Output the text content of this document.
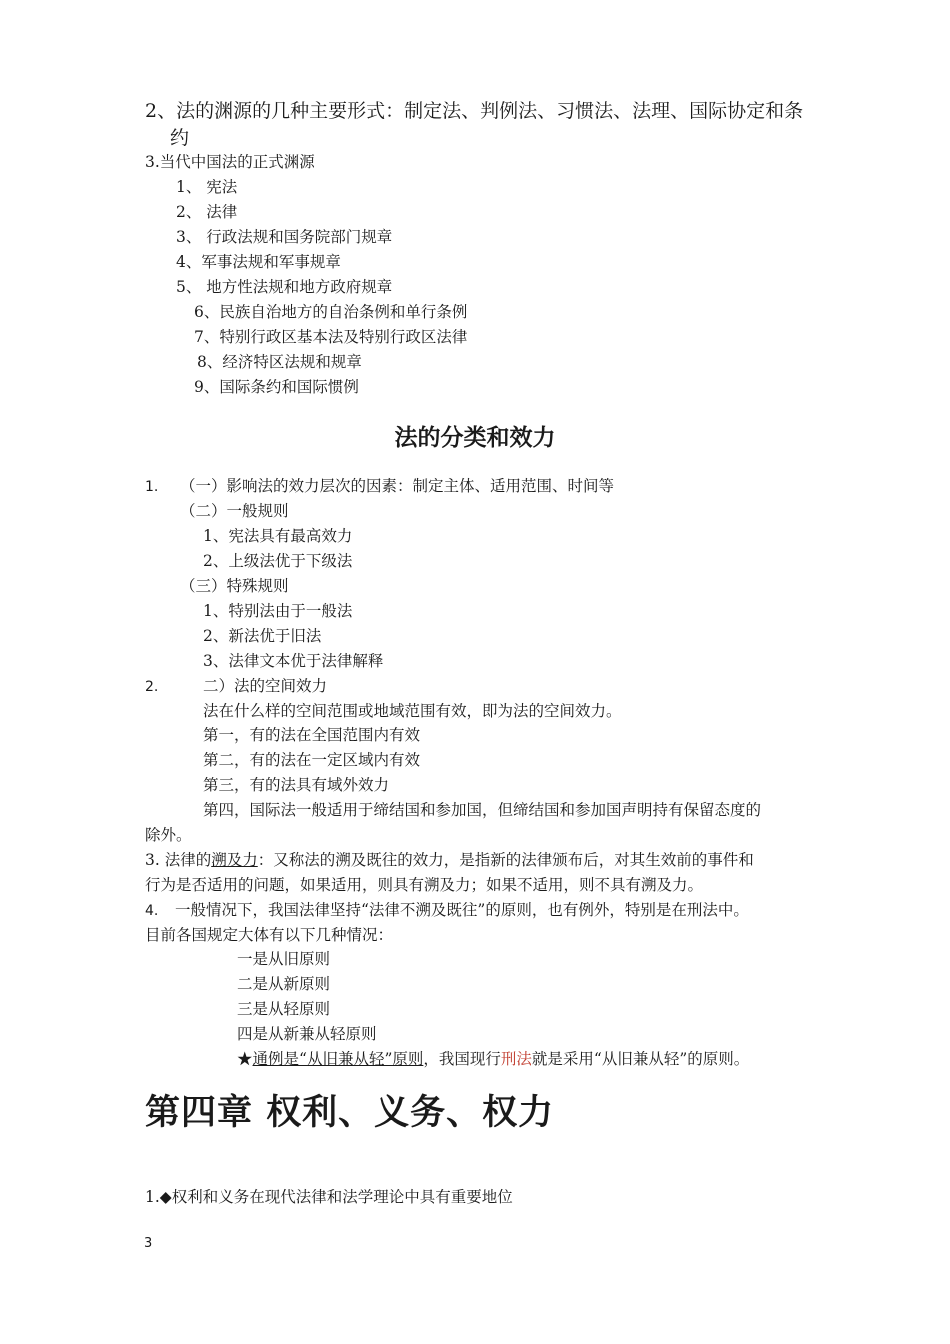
2、法的渊源的几种主要形式：制定法、判例法、习惯法、法理、国际协定和条
约
3.当代中国法的正式渊源
1、 宪法
2、 法律
3、 行政法规和国务院部门规章
4、军事法规和军事规章
5、 地方性法规和地方政府规章
6、民族自治地方的自治条例和单行条例
7、特别行政区基本法及特别行政区法律
8、经济特区法规和规章
9、国际条约和国际惯例
法的分类和效力
1. （一）影响法的效力层次的因素：制定主体、适用范围、时间等
（二）一般规则
1、宪法具有最高效力
2、上级法优于下级法
（三）特殊规则
1、特别法由于一般法
2、新法优于旧法
3、法律文本优于法律解释
2.	二）法的空间效力
法在什么样的空间范围或地域范围有效，即为法的空间效力。
第一，有的法在全国范围内有效
第二，有的法在一定区域内有效
第三，有的法具有域外效力
第四，国际法一般适用于缔结国和参加国，但缔结国和参加国声明持有保留态度的
除外。
3. 法律的溯及力：又称法的溯及既往的效力，是指新的法律颁布后，对其生效前的事件和
行为是否适用的问题，如果适用，则具有溯及力；如果不适用，则不具有溯及力。
4. 一般情况下，我国法律坚持“法律不溯及既往”的原则，也有例外，特别是在刑法中。
目前各国规定大体有以下几种情况：
一是从旧原则
二是从新原则
三是从轻原则
四是从新兼从轻原则
★通例是“从旧兼从轻”原则，我国现行刑法就是采用“从旧兼从轻”的原则。
第四章 权利、义务、权力
1.◆权利和义务在现代法律和法学理论中具有重要地位
3
